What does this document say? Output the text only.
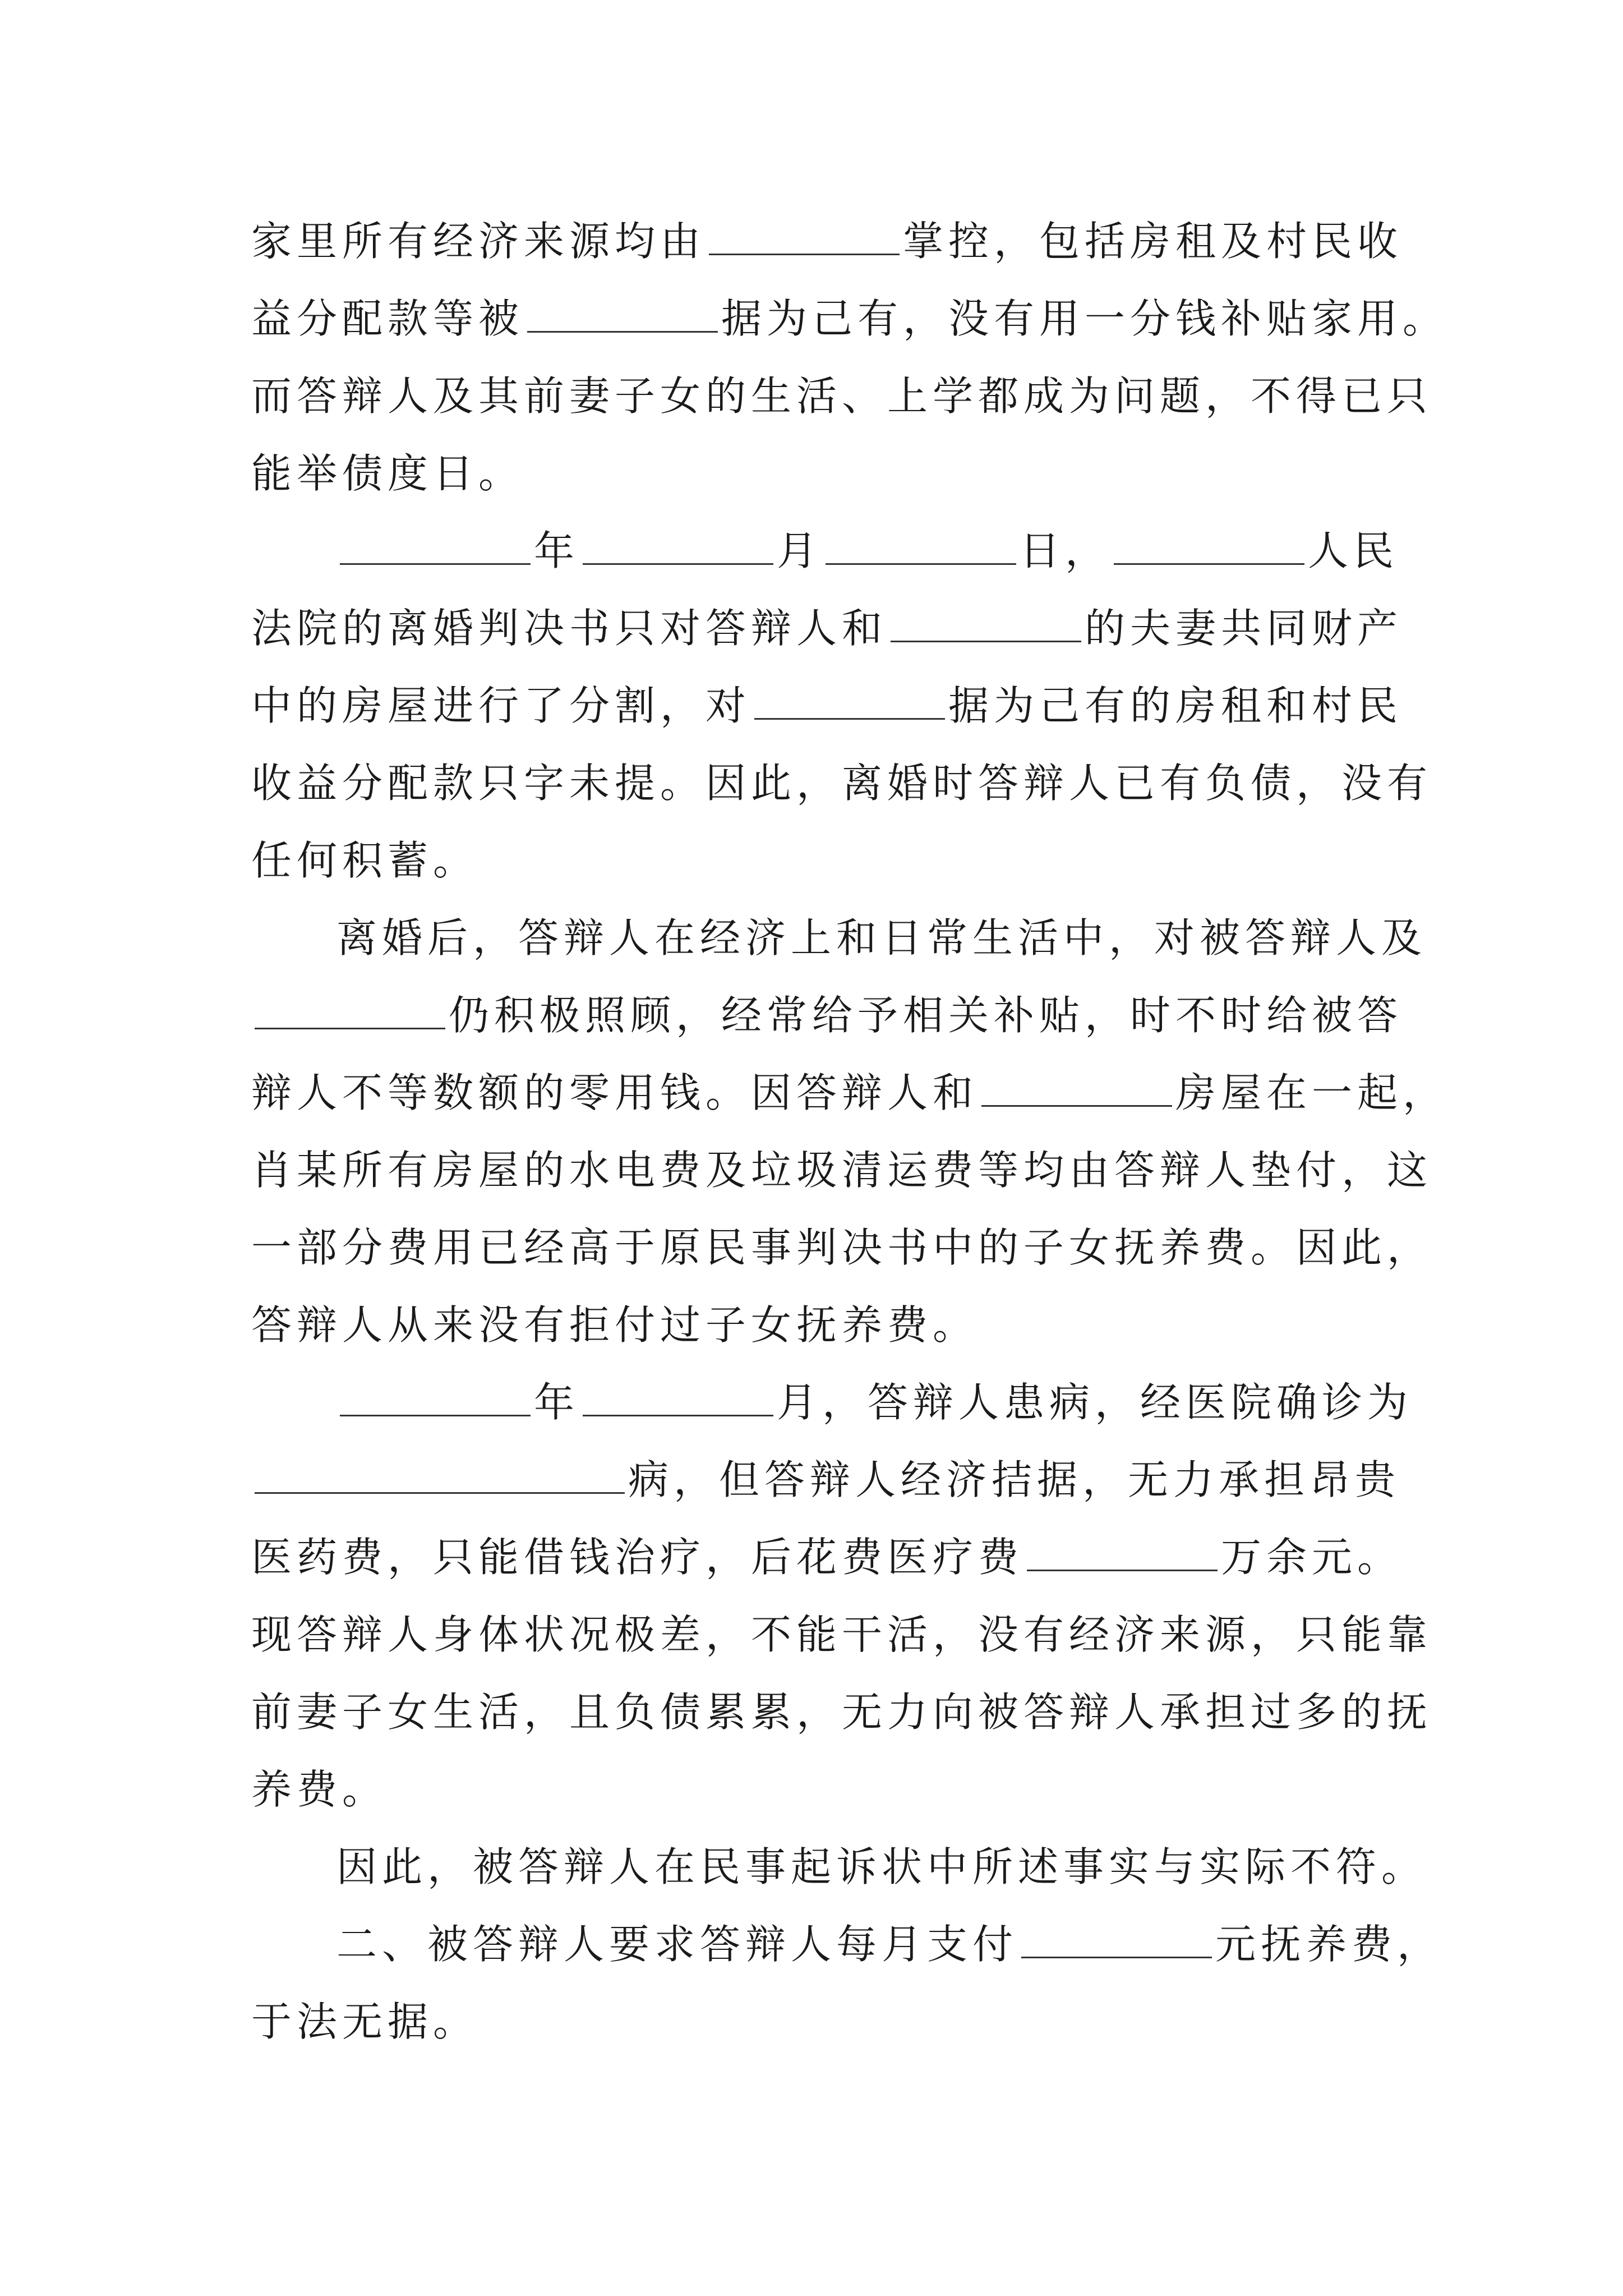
家里所有经济来源均由	掌控，包括房租及村民收
益分配款等被	据为己有，没有用一分钱补贴家用。
而答辩人及其前妻子女的生活、上学都成为问题，不得已只
能举债度日。
年	月	日，	人民
法院的离婚判决书只对答辩人和	的夫妻共同财产
中的房屋进行了分割，对	据为己有的房租和村民
收益分配款只字未提。因此，离婚时答辩人已有负债，没有
任何积蓄。
离婚后，答辩人在经济上和日常生活中，对被答辩人及
仍积极照顾，经常给予相关补贴，时不时给被答
辩人不等数额的零用钱。因答辩人和	房屋在一起，
肖某所有房屋的水电费及垃圾清运费等均由答辩人垫付，这
一部分费用已经高于原民事判决书中的子女抚养费。因此，
答辩人从来没有拒付过子女抚养费。
年	月，答辩人患病，经医院确诊为
病，但答辩人经济拮据，无力承担昂贵
医药费，只能借钱治疗，后花费医疗费	万余元。
现答辩人身体状况极差，不能干活，没有经济来源，只能靠
前妻子女生活，且负债累累，无力向被答辩人承担过多的抚
养费。
因此，被答辩人在民事起诉状中所述事实与实际不符。
二、被答辩人要求答辩人每月支付	元抚养费，
于法无据。
